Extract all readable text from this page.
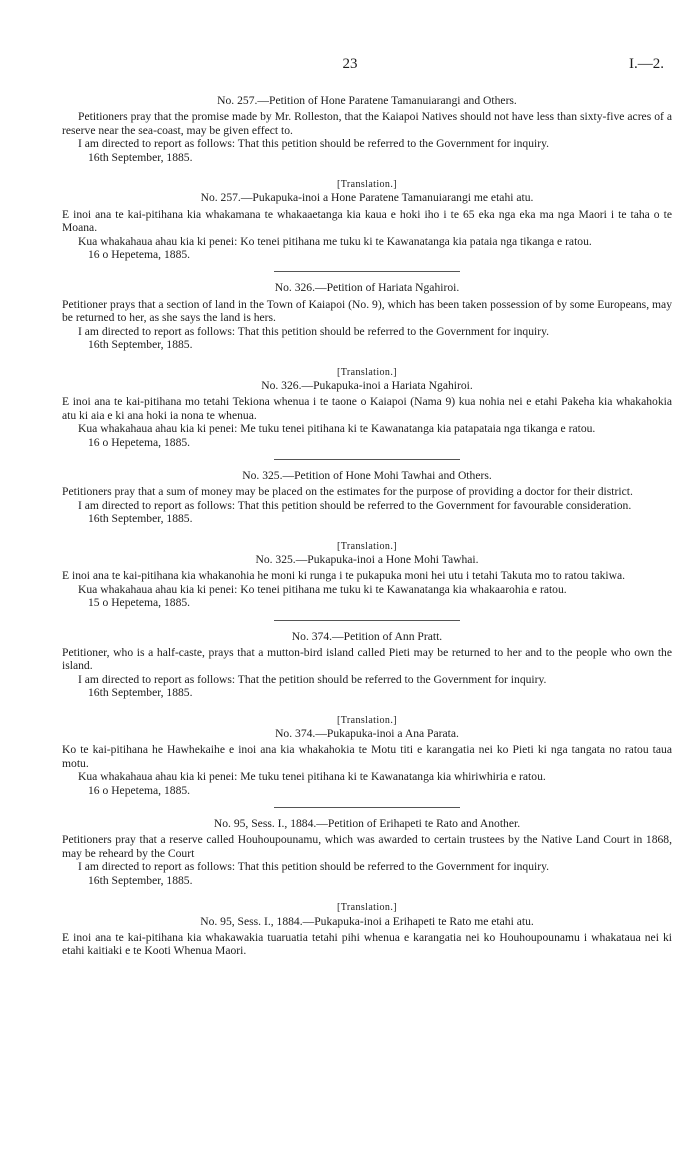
23	I.—2.

No. 257.—Petition of Hone Paratene Tamanuiarangi and Others.

Petitioners pray that the promise made by Mr. Rolleston, that the Kaiapoi Natives should not have less than sixty-five acres of a reserve near the sea-coast, may be given effect to.

I am directed to report as follows: That this petition should be referred to the Government for inquiry.

16th September, 1885.

[Translation.]

No. 257.—Pukapuka-inoi a Hone Paratene Tamanuiarangi me etahi atu.

E inoi ana te kai-pitihana kia whakamana te whakaaetanga kia kaua e hoki iho i te 65 eka nga eka ma nga Maori i te taha o te Moana.

Kua whakahaua ahau kia ki penei: Ko tenei pitihana me tuku ki te Kawanatanga kia pataia nga tikanga e ratou.

16 o Hepetema, 1885.

No. 326.—Petition of Hariata Ngahiroi.

Petitioner prays that a section of land in the Town of Kaiapoi (No. 9), which has been taken possession of by some Europeans, may be returned to her, as she says the land is hers.

I am directed to report as follows: That this petition should be referred to the Government for inquiry.

16th September, 1885.

[Translation.]

No. 326.—Pukapuka-inoi a Hariata Ngahiroi.

E inoi ana te kai-pitihana mo tetahi Tekiona whenua i te taone o Kaiapoi (Nama 9) kua nohia nei e etahi Pakeha kia whakahokia atu ki aia e ki ana hoki ia nona te whenua.

Kua whakahaua ahau kia ki penei: Me tuku tenei pitihana ki te Kawanatanga kia patapataia nga tikanga e ratou.

16 o Hepetema, 1885.

No. 325.—Petition of Hone Mohi Tawhai and Others.

Petitioners pray that a sum of money may be placed on the estimates for the purpose of providing a doctor for their district.

I am directed to report as follows: That this petition should be referred to the Government for favourable consideration.

16th September, 1885.

[Translation.]

No. 325.—Pukapuka-inoi a Hone Mohi Tawhai.

E inoi ana te kai-pitihana kia whakanohia he moni ki runga i te pukapuka moni hei utu i tetahi Takuta mo to ratou takiwa.

Kua whakahaua ahau kia ki penei: Ko tenei pitihana me tuku ki te Kawanatanga kia whakaarohia e ratou.

15 o Hepetema, 1885.

No. 374.—Petition of Ann Pratt.

Petitioner, who is a half-caste, prays that a mutton-bird island called Pieti may be returned to her and to the people who own the island.

I am directed to report as follows: That the petition should be referred to the Government for inquiry.

16th September, 1885.

[Translation.]

No. 374.—Pukapuka-inoi a Ana Parata.

Ko te kai-pitihana he Hawhekaihe e inoi ana kia whakahokia te Motu titi e karangatia nei ko Pieti ki nga tangata no ratou taua motu.

Kua whakahaua ahau kia ki penei: Me tuku tenei pitihana ki te Kawanatanga kia whiriwhiria e ratou.

16 o Hepetema, 1885.

No. 95, Sess. I., 1884.—Petition of Erihapeti te Rato and Another.

Petitioners pray that a reserve called Houhoupounamu, which was awarded to certain trustees by the Native Land Court in 1868, may be reheard by the Court

I am directed to report as follows: That this petition should be referred to the Government for inquiry.

16th September, 1885.

[Translation.]

No. 95, Sess. I., 1884.—Pukapuka-inoi a Erihapeti te Rato me etahi atu.

E inoi ana te kai-pitihana kia whakawakia tuaruatia tetahi pihi whenua e karangatia nei ko Houhoupounamu i whakataua nei ki etahi kaitiaki e te Kooti Whenua Maori.
